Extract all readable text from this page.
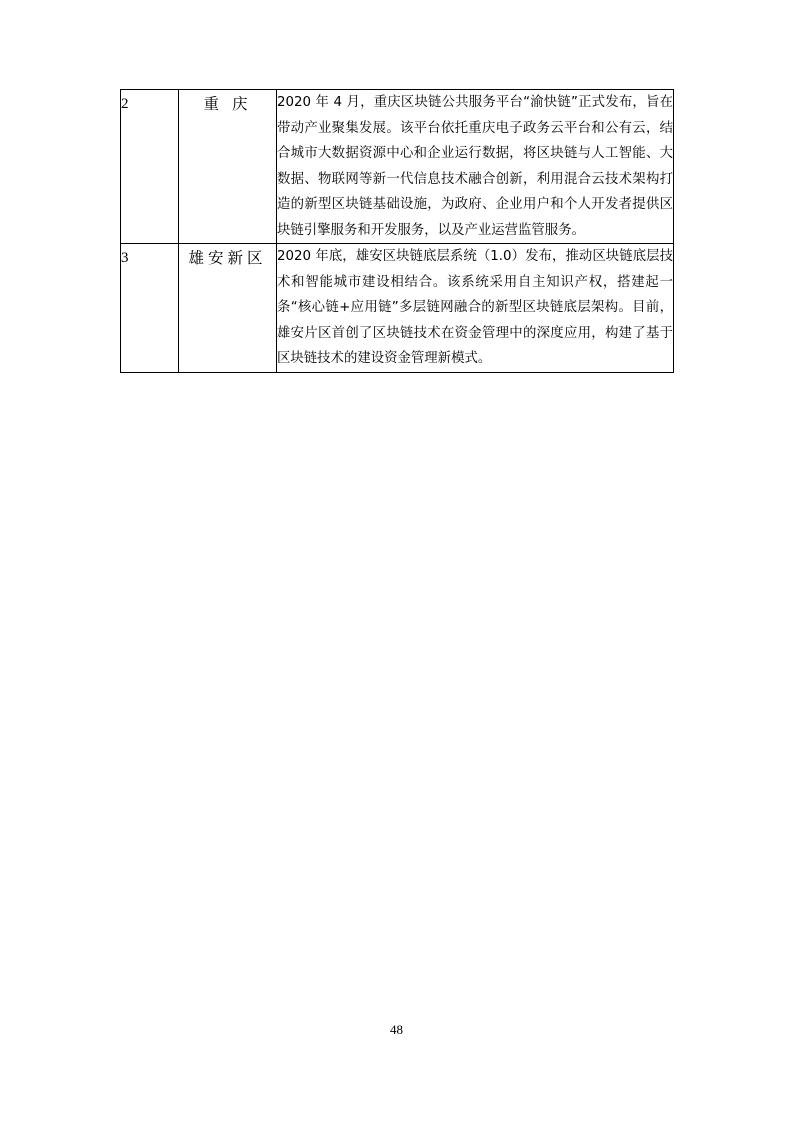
2	重 庆	2020 年 4 月，重庆区块链公共服务平台“渝快链”正式发布，旨在带动产业聚集发展。该平台依托重庆电子政务云平台和公有云，结合城市大数据资源中心和企业运行数据，将区块链与人工智能、大数据、物联网等新一代信息技术融合创新，利用混合云技术架构打造的新型区块链基础设施，为政府、企业用户和个人开发者提供区块链引擎服务和开发服务，以及产业运营监管服务。
3	雄安新区	2020 年底，雄安区块链底层系统（1.0）发布，推动区块链底层技术和智能城市建设相结合。该系统采用自主知识产权，搭建起一条“核心链+应用链”多层链网融合的新型区块链底层架构。目前，雄安片区首创了区块链技术在资金管理中的深度应用，构建了基于区块链技术的建设资金管理新模式。
48
